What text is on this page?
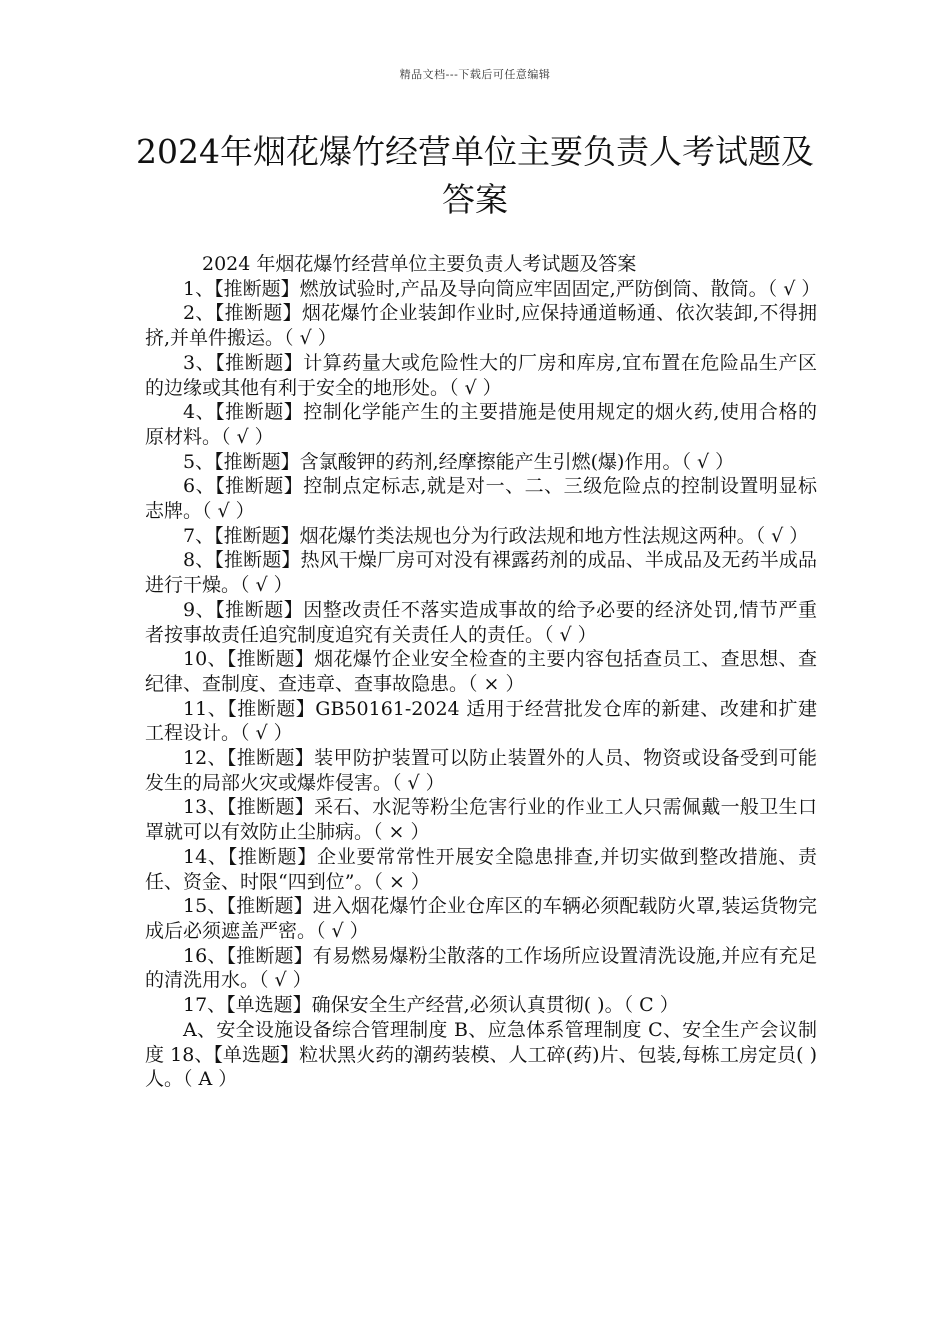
精品文档---下载后可任意编辑
2024年烟花爆竹经营单位主要负责人考试题及答案

2024 年烟花爆竹经营单位主要负责人考试题及答案

1、【推断题】燃放试验时,产品及导向筒应牢固固定,严防倒筒、散筒。（ √ ）

2、【推断题】烟花爆竹企业装卸作业时,应保持通道畅通、依次装卸,不得拥挤,并单件搬运。（ √ ）

3、【推断题】计算药量大或危险性大的厂房和库房,宜布置在危险品生产区的边缘或其他有利于安全的地形处。（ √ ）

4、【推断题】控制化学能产生的主要措施是使用规定的烟火药,使用合格的原材料。（ √ ）

5、【推断题】含氯酸钾的药剂,经摩擦能产生引燃(爆)作用。（ √ ）

6、【推断题】控制点定标志,就是对一、二、三级危险点的控制设置明显标志牌。（ √ ）

7、【推断题】烟花爆竹类法规也分为行政法规和地方性法规这两种。（ √ ）

8、【推断题】热风干燥厂房可对没有裸露药剂的成品、半成品及无药半成品进行干燥。（ √ ）

9、【推断题】因整改责任不落实造成事故的给予必要的经济处罚,情节严重者按事故责任追究制度追究有关责任人的责任。（ √ ）

10、【推断题】烟花爆竹企业安全检查的主要内容包括查员工、查思想、查纪律、查制度、查违章、查事故隐患。（ × ）

11、【推断题】GB50161-2024 适用于经营批发仓库的新建、改建和扩建工程设计。（ √ ）

12、【推断题】装甲防护装置可以防止装置外的人员、物资或设备受到可能发生的局部火灾或爆炸侵害。（ √ ）

13、【推断题】采石、水泥等粉尘危害行业的作业工人只需佩戴一般卫生口罩就可以有效防止尘肺病。（ × ）

14、【推断题】企业要常常性开展安全隐患排查,并切实做到整改措施、责任、资金、时限“四到位”。（ × ）

15、【推断题】进入烟花爆竹企业仓库区的车辆必须配载防火罩,装运货物完成后必须遮盖严密。（ √ ）

16、【推断题】有易燃易爆粉尘散落的工作场所应设置清洗设施,并应有充足的清洗用水。（ √ ）

17、【单选题】确保安全生产经营,必须认真贯彻( )。（ C ）

A、安全设施设备综合管理制度 B、应急体系管理制度 C、安全生产会议制度 18、【单选题】粒状黑火药的潮药装模、人工碎(药)片、包装,每栋工房定员( )人。（ A ）
